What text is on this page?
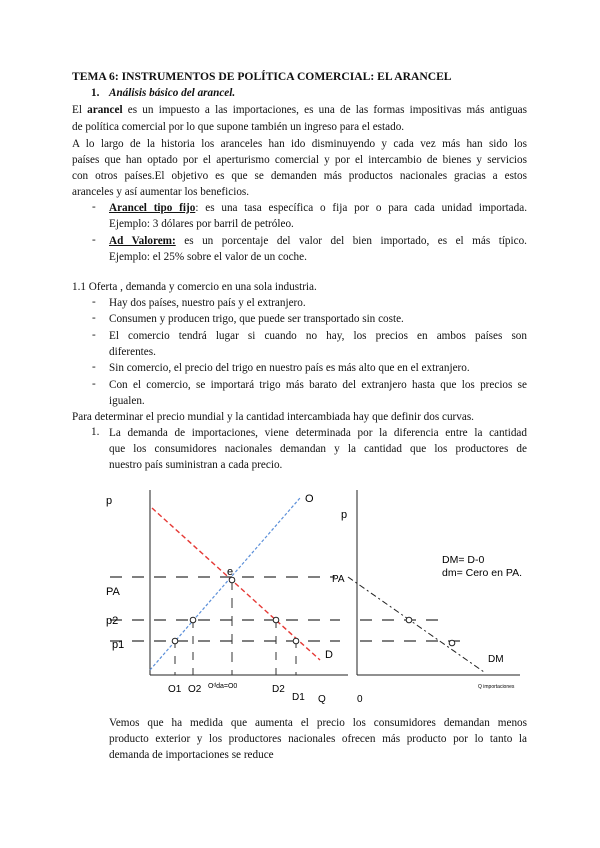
TEMA 6: INSTRUMENTOS DE POLÍTICA COMERCIAL: EL ARANCEL
1. Análisis básico del arancel.
El arancel es un impuesto a las importaciones, es una de las formas impositivas más antiguas
de política comercial por lo que supone también un ingreso para el estado.
A lo largo de la historia los aranceles han ido disminuyendo y cada vez más han sido los
países que han optado por el aperturismo comercial y por el intercambio de bienes y servicios
con otros países.El objetivo es que se demanden más productos nacionales gracias a estos
aranceles y así aumentar los beneficios.
- Arancel tipo fijo: es una tasa específica o fija por o para cada unidad importada.
Ejemplo: 3 dólares por barril de petróleo.
- Ad Valorem: es un porcentaje del valor del bien importado, es el más típico.
Ejemplo: el 25% sobre el valor de un coche.
1.1 Oferta , demanda y comercio en una sola industria.
- Hay dos países, nuestro país y el extranjero.
- Consumen y producen trigo, que puede ser transportado sin coste.
- El comercio tendrá lugar si cuando no hay, los precios en ambos países son
diferentes.
- Sin comercio, el precio del trigo en nuestro país es más alto que en el extranjero.
- Con el comercio, se importará trigo más barato del extranjero hasta que los precios se
igualen.
Para determinar el precio mundial y la cantidad intercambiada hay que definir dos curvas.
1. La demanda de importaciones, viene determinada por la diferencia entre la cantidad
que los consumidores nacionales demandan y la cantidad que los productores de
nuestro país suministran a cada precio.
p
PA
p2
p1
O
D
e
O1 O2 Oᵈda=O0	D2
D1 Q
p
PA
0
Q importaciones
DM
DM= D-0
dm= Cero en PA.
Vemos que ha medida que aumenta el precio los consumidores demandan menos
producto exterior y los productores nacionales ofrecen más producto por lo tanto la
demanda de importaciones se reduce
